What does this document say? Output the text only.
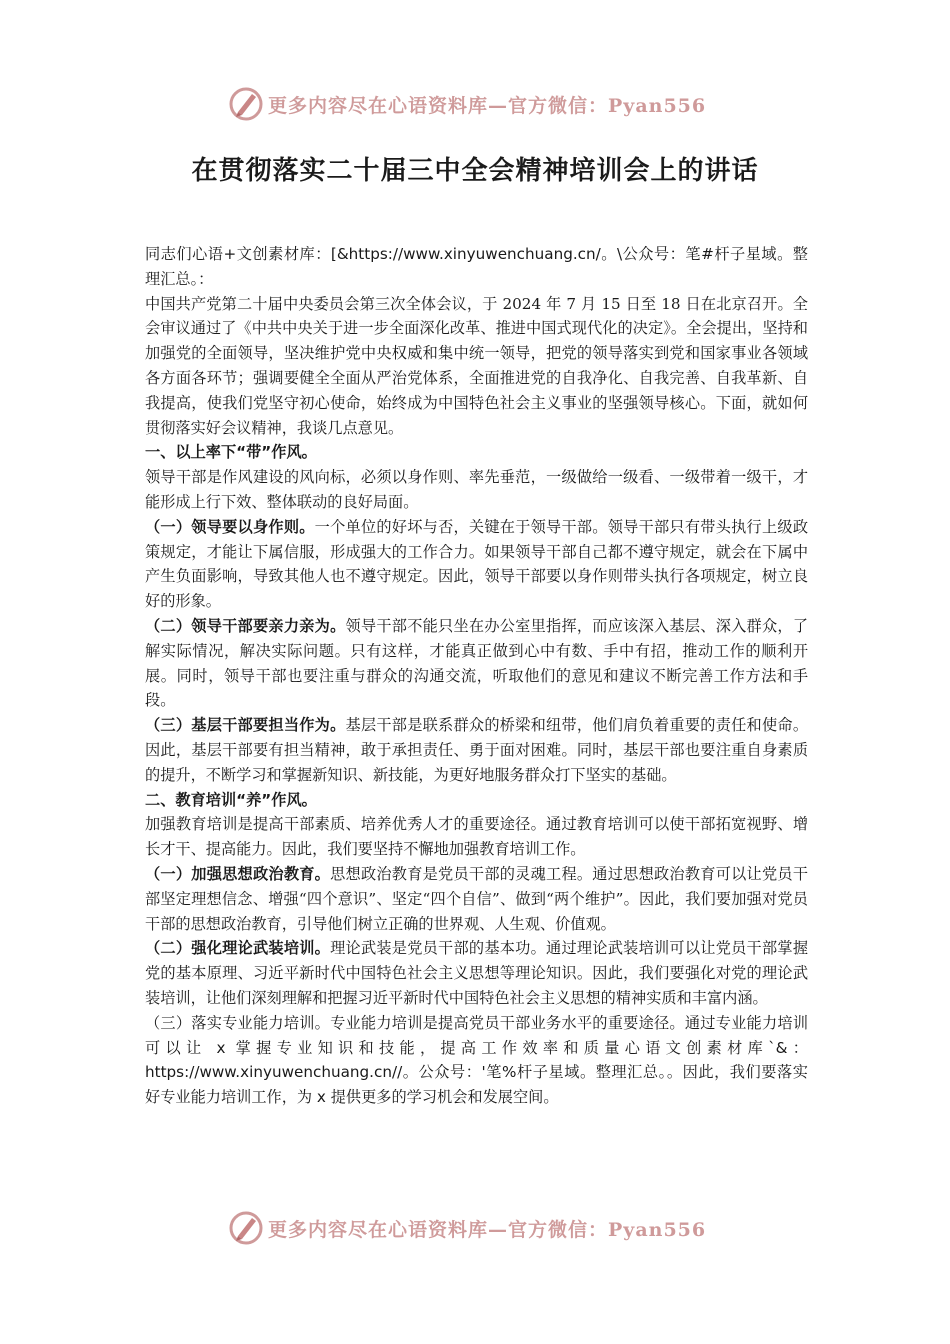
更多内容尽在心语资料库—官方微信：Pyan556
在贯彻落实二十届三中全会精神培训会上的讲话

同志们心语+文创素材库：[&https://www.xinyuwenchuang.cn/。\公众号：笔#杆子星域。整理汇总。：

中国共产党第二十届中央委员会第三次全体会议，于 2024 年 7 月 15 日至 18 日在北京召开。全会审议通过了《中共中央关于进一步全面深化改革、推进中国式现代化的决定》。全会提出，坚持和加强党的全面领导，坚决维护党中央权威和集中统一领导，把党的领导落实到党和国家事业各领域各方面各环节；强调要健全全面从严治党体系，全面推进党的自我净化、自我完善、自我革新、自我提高，使我们党坚守初心使命，始终成为中国特色社会主义事业的坚强领导核心。下面，就如何贯彻落实好会议精神，我谈几点意见。

一、以上率下“带”作风。

领导干部是作风建设的风向标，必须以身作则、率先垂范，一级做给一级看、一级带着一级干，才能形成上行下效、整体联动的良好局面。

（一）领导要以身作则。一个单位的好坏与否，关键在于领导干部。领导干部只有带头执行上级政策规定，才能让下属信服，形成强大的工作合力。如果领导干部自己都不遵守规定，就会在下属中产生负面影响，导致其他人也不遵守规定。因此，领导干部要以身作则带头执行各项规定，树立良好的形象。

（二）领导干部要亲力亲为。领导干部不能只坐在办公室里指挥，而应该深入基层、深入群众，了解实际情况，解决实际问题。只有这样，才能真正做到心中有数、手中有招，推动工作的顺利开展。同时，领导干部也要注重与群众的沟通交流，听取他们的意见和建议不断完善工作方法和手段。

（三）基层干部要担当作为。基层干部是联系群众的桥梁和纽带，他们肩负着重要的责任和使命。因此，基层干部要有担当精神，敢于承担责任、勇于面对困难。同时，基层干部也要注重自身素质的提升，不断学习和掌握新知识、新技能，为更好地服务群众打下坚实的基础。

二、教育培训“养”作风。

加强教育培训是提高干部素质、培养优秀人才的重要途径。通过教育培训可以使干部拓宽视野、增长才干、提高能力。因此，我们要坚持不懈地加强教育培训工作。

（一）加强思想政治教育。思想政治教育是党员干部的灵魂工程。通过思想政治教育可以让党员干部坚定理想信念、增强“四个意识”、坚定“四个自信”、做到“两个维护”。因此，我们要加强对党员干部的思想政治教育，引导他们树立正确的世界观、人生观、价值观。

（二）强化理论武装培训。理论武装是党员干部的基本功。通过理论武装培训可以让党员干部掌握党的基本原理、习近平新时代中国特色社会主义思想等理论知识。因此，我们要强化对党的理论武装培训，让他们深刻理解和把握习近平新时代中国特色社会主义思想的精神实质和丰富内涵。

（三）落实专业能力培训。专业能力培训是提高党员干部业务水平的重要途径。通过专业能力培训可以让 x 掌握专业知识和技能，提高工作效率和质量心语文创素材库`&：https://www.xinyuwenchuang.cn//。公众号：'笔%杆子星域。整理汇总。。因此，我们要落实好专业能力培训工作，为 x 提供更多的学习机会和发展空间。

更多内容尽在心语资料库—官方微信：Pyan556
